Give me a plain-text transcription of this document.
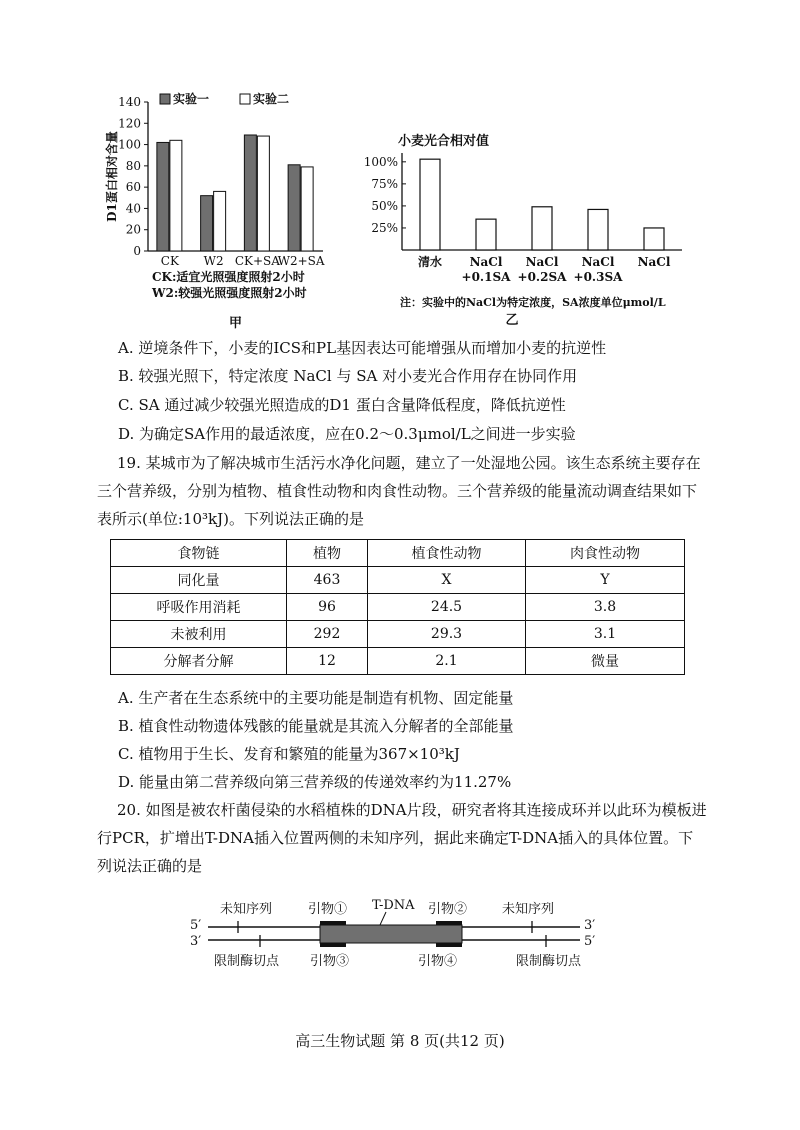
0
20
40
60
80
100
120
140
D1蛋白相对含量
实验一	实验二
CK W2 CK+SA
W2+SA
CK:适宜光照强度照射2小时
W2:较强光照强度照射2小时
甲
小麦光合相对值
25%
50%
75%
100%
清水 NaCl
+0.1SA
NaCl
+0.2SA
NaCl
+0.3SA
NaCl
注：实验中的NaCl为特定浓度，SA浓度单位μmol/L
乙
A. 逆境条件下，小麦的ICS和PL基因表达可能增强从而增加小麦的抗逆性
B. 较强光照下，特定浓度 NaCl 与 SA 对小麦光合作用存在协同作用
C. SA 通过减少较强光照造成的D1 蛋白含量降低程度，降低抗逆性
D. 为确定SA作用的最适浓度，应在0.2～0.3μmol/L之间进一步实验
19. 某城市为了解决城市生活污水净化问题，建立了一处湿地公园。该生态系统主要存在三个营养级，分别为植物、植食性动物和肉食性动物。三个营养级的能量流动调查结果如下表所示(单位:10³kJ)。下列说法正确的是
食物链	植物	植食性动物	肉食性动物
同化量	463	X	Y
呼吸作用消耗	96	24.5	3.8
未被利用	292	29.3	3.1
分解者分解	12	2.1	微量
A. 生产者在生态系统中的主要功能是制造有机物、固定能量
B. 植食性动物遗体残骸的能量就是其流入分解者的全部能量
C. 植物用于生长、发育和繁殖的能量为367×10³kJ
D. 能量由第二营养级向第三营养级的传递效率约为11.27%
20. 如图是被农杆菌侵染的水稻植株的DNA片段，研究者将其连接成环并以此环为模板进行PCR，扩增出T-DNA插入位置两侧的未知序列，据此来确定T-DNA插入的具体位置。下列说法正确的是
未知序列	引物① T-DNA 引物②	未知序列
5′
3′
3′
5′
限制酶切点 引物③	引物④	限制酶切点
高三生物试题 第 8 页(共12 页)
